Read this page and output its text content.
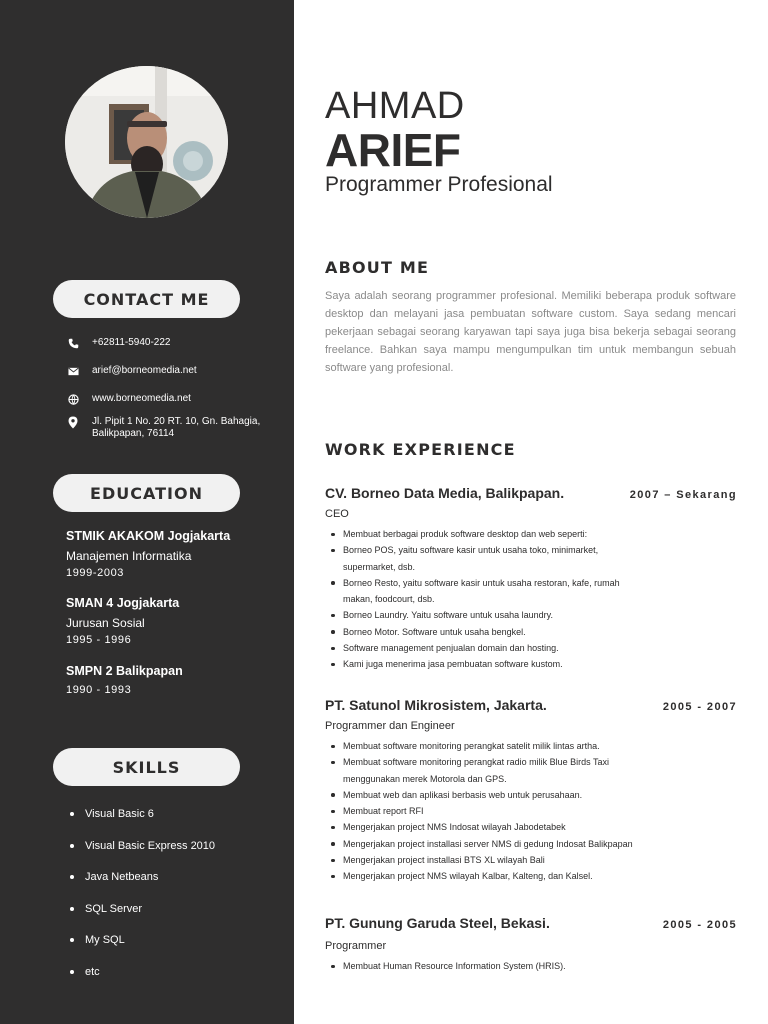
CONTACT ME
+62811-5940-222
arief@borneomedia.net
www.borneomedia.net
Jl. Pipit 1 No. 20 RT. 10, Gn. Bahagia, Balikpapan, 76114
EDUCATION
STMIK AKAKOM Jogjakarta
Manajemen Informatika
1999-2003
SMAN 4 Jogjakarta
Jurusan Sosial
1995 - 1996
SMPN 2 Balikpapan
1990 - 1993
SKILLS
Visual Basic 6
Visual Basic Express 2010
Java Netbeans
SQL Server
My SQL
etc
AHMAD
ARIEF
Programmer Profesional
ABOUT ME
Saya adalah seorang programmer profesional. Memiliki beberapa produk software desktop dan melayani jasa pembuatan software custom. Saya sedang mencari pekerjaan sebagai seorang karyawan tapi saya juga bisa bekerja sebagai seorang freelance. Bahkan saya mampu mengumpulkan tim untuk membangun sebuah software yang profesional.
WORK EXPERIENCE
CV. Borneo Data Media, Balikpapan.	2007 – Sekarang
CEO
Membuat berbagai produk software desktop dan web seperti:
Borneo POS, yaitu software kasir untuk usaha toko, minimarket, supermarket, dsb.
Borneo Resto, yaitu software kasir untuk usaha restoran, kafe, rumah makan, foodcourt, dsb.
Borneo Laundry. Yaitu software untuk usaha laundry.
Borneo Motor. Software untuk usaha bengkel.
Software management penjualan domain dan hosting.
Kami juga menerima jasa pembuatan software kustom.
PT. Satunol Mikrosistem, Jakarta.	2005 - 2007
Programmer dan Engineer
Membuat software monitoring perangkat satelit milik lintas artha.
Membuat software monitoring perangkat radio milik Blue Birds Taxi menggunakan merek Motorola dan GPS.
Membuat web dan aplikasi berbasis web untuk perusahaan.
Membuat report RFI
Mengerjakan project NMS Indosat wilayah Jabodetabek
Mengerjakan project installasi server NMS di gedung Indosat Balikpapan
Mengerjakan project installasi BTS XL wilayah Bali
Mengerjakan project NMS wilayah Kalbar, Kalteng, dan Kalsel.
PT. Gunung Garuda Steel, Bekasi.	2005 - 2005
Programmer
Membuat Human Resource Information System (HRIS).
